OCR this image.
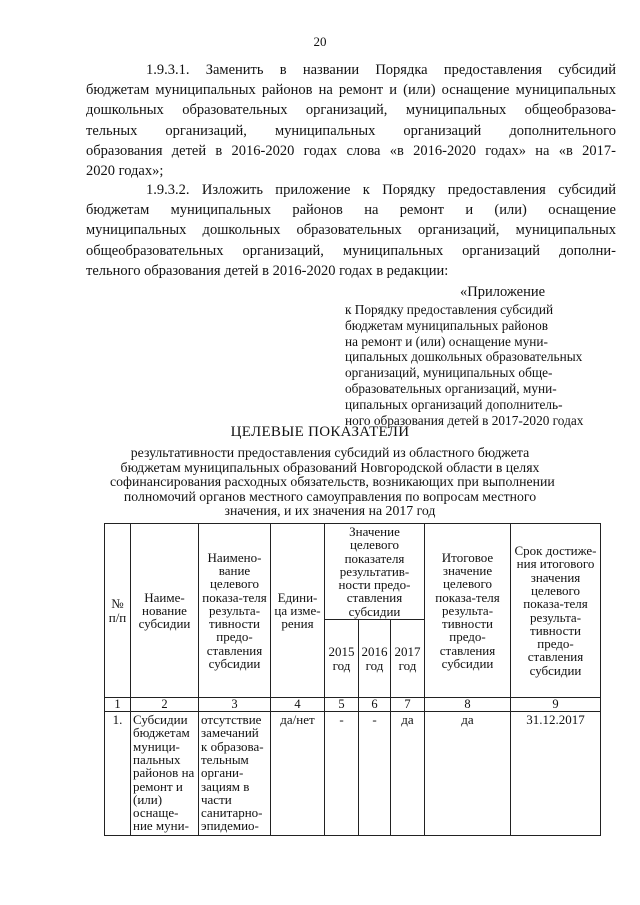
20
1.9.3.1. Заменить в названии Порядка предоставления субсидий
бюджетам муниципальных районов на ремонт и (или) оснащение муниципальных
дошкольных образовательных организаций, муниципальных общеобразова-
тельных организаций, муниципальных организаций дополнительного
образования детей в 2016-2020 годах слова «в 2016-2020 годах» на «в 2017-
2020 годах»;
1.9.3.2. Изложить приложение к Порядку предоставления субсидий
бюджетам муниципальных районов на ремонт и (или) оснащение
муниципальных дошкольных образовательных организаций, муниципальных
общеобразовательных организаций, муниципальных организаций дополни-
тельного образования детей в 2016-2020 годах в редакции:
«Приложение
к Порядку предоставления субсидий
бюджетам муниципальных районов
на ремонт и (или) оснащение муни-
ципальных дошкольных образовательных
организаций, муниципальных обще-
образовательных организаций, муни-
ципальных организаций дополнитель-
ного образования детей в 2017-2020 годах
ЦЕЛЕВЫЕ ПОКАЗАТЕЛИ
результативности предоставления субсидий из областного бюджета
бюджетам муниципальных образований Новгородской области в целях
софинансирования расходных обязательств, возникающих при выполнении
полномочий органов местного самоуправления по вопросам местного
значения, и их значения на 2017 год
№ п/п	Наиме-нование субсидии	Наимено-вание целевого показа-теля результа-тивности предо-ставления субсидии	Едини-ца изме-рения	Значение целевого показателя результатив-ности предо-ставления субсидии			Итоговое значение целевого показа-теля результа-тивности предо-ставления субсидии	Срок достиже-ния итогового значения целевого показа-теля результа-тивности предо-ставления субсидии
				2015 год	2016 год	2017 год		
1	2	3	4	5	6	7	8	9
1.	Субсидии бюджетам муници-пальных районов на ремонт и (или) оснаще-ние муни-	отсутствие замечаний к образова-тельным органи-зациям в части санитарно-эпидемио-	да/нет	-	-	да	да	31.12.2017
